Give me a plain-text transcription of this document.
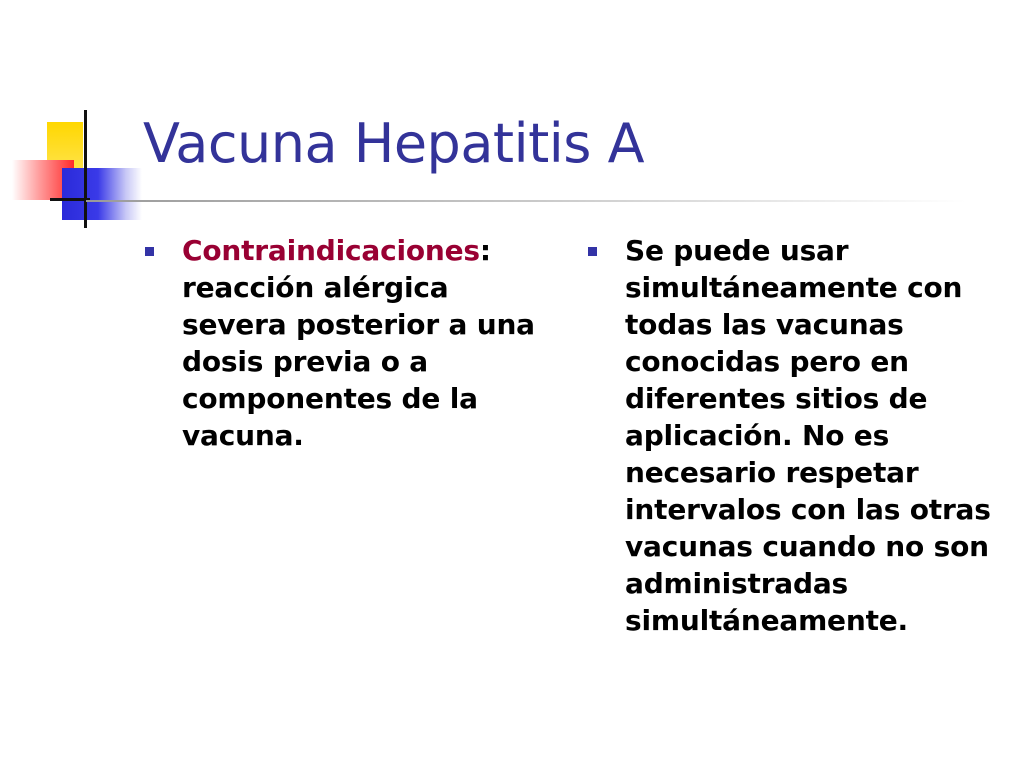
Vacuna Hepatitis A
Contraindicaciones: reacción alérgica severa posterior a una dosis previa o a componentes de la vacuna.
Se puede usar simultáneamente con todas las vacunas conocidas pero en diferentes sitios de aplicación. No es necesario respetar intervalos con las otras vacunas cuando no son administradas simultáneamente.
